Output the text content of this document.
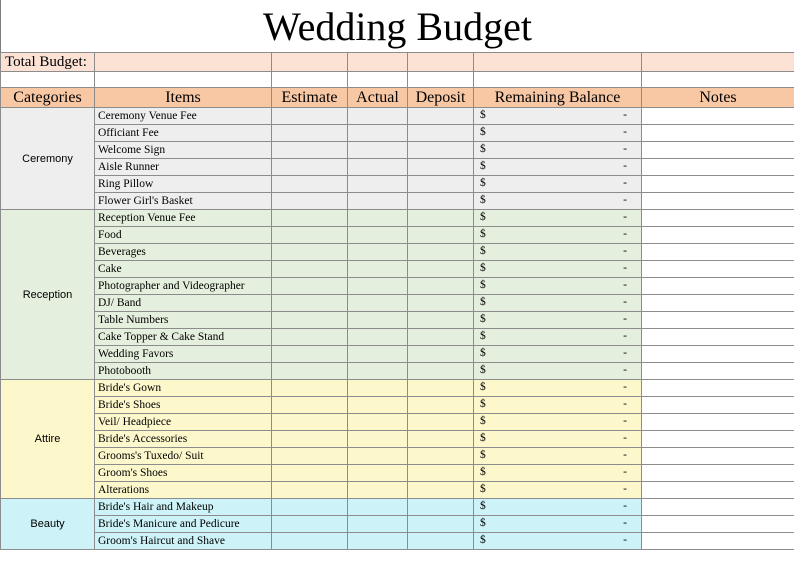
Wedding Budget
Total Budget:						

Categories	Items	Estimate	Actual	Deposit	Remaining Balance	Notes
Ceremony	Ceremony Venue Fee				$ -	

	Officiant Fee				$ -	

	Welcome Sign				$ -	

	Aisle Runner				$ -	

	Ring Pillow				$ -	

	Flower Girl's Basket				$ -	

Reception	Reception Venue Fee				$ -	

	Food				$ -	

	Beverages				$ -	

	Cake				$ -	

	Photographer and Videographer				$ -	

	DJ/ Band				$ -	

	Table Numbers				$ -	

	Cake Topper & Cake Stand				$ -	

	Wedding Favors				$ -	

	Photobooth				$ -	

Attire	Bride's Gown				$ -	

	Bride's Shoes				$ -	

	Veil/ Headpiece				$ -	

	Bride's Accessories				$ -	

	Grooms's Tuxedo/ Suit				$ -	

	Groom's Shoes				$ -	

	Alterations				$ -	

Beauty	Bride's Hair and Makeup				$ -	

	Bride's Manicure and Pedicure				$ -	

	Groom's Haircut and Shave				$ -	
